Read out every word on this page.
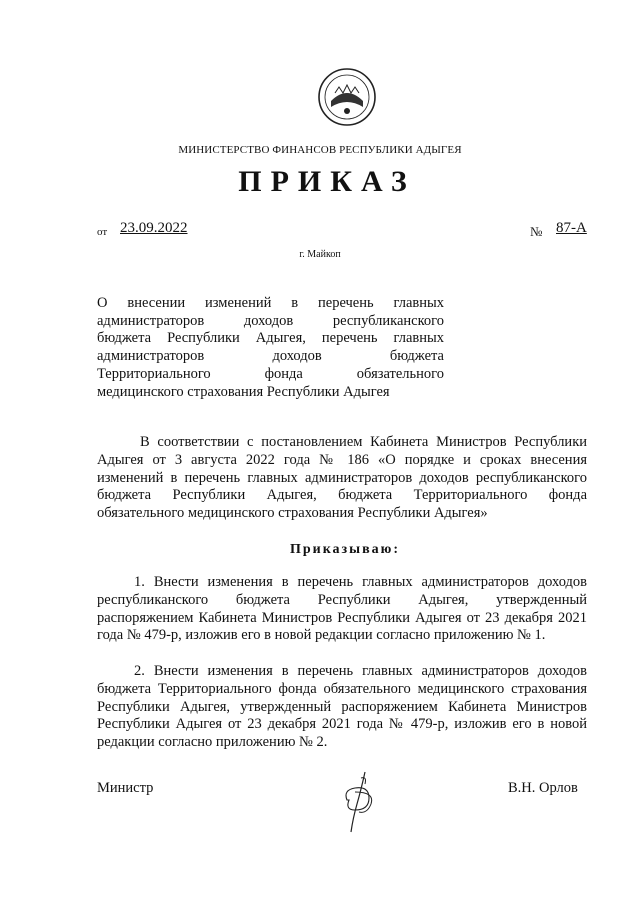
МИНИСТЕРСТВО ФИНАНСОВ РЕСПУБЛИКИ АДЫГЕЯ
ПРИКАЗ
от 23.09.2022	№ 87-А
г. Майкоп
О внесении изменений в перечень главных
администраторов доходов республиканского
бюджета Республики Адыгея, перечень главных
администраторов доходов бюджета
Территориального фонда обязательного
медицинского страхования Республики Адыгея
В соответствии с постановлением Кабинета Министров Республики Адыгея от 3 августа 2022 года № 186 «О порядке и сроках внесения изменений в перечень главных администраторов доходов республиканского бюджета Республики Адыгея, бюджета Территориального фонда обязательного медицинского страхования Республики Адыгея»
Приказываю:
1. Внести изменения в перечень главных администраторов доходов республиканского бюджета Республики Адыгея, утвержденный распоряжением Кабинета Министров Республики Адыгея от 23 декабря 2021 года № 479-р, изложив его в новой редакции согласно приложению № 1.
2. Внести изменения в перечень главных администраторов доходов бюджета Территориального фонда обязательного медицинского страхования Республики Адыгея, утвержденный распоряжением Кабинета Министров Республики Адыгея от 23 декабря 2021 года № 479-р, изложив его в новой редакции согласно приложению № 2.
Министр	В.Н. Орлов
